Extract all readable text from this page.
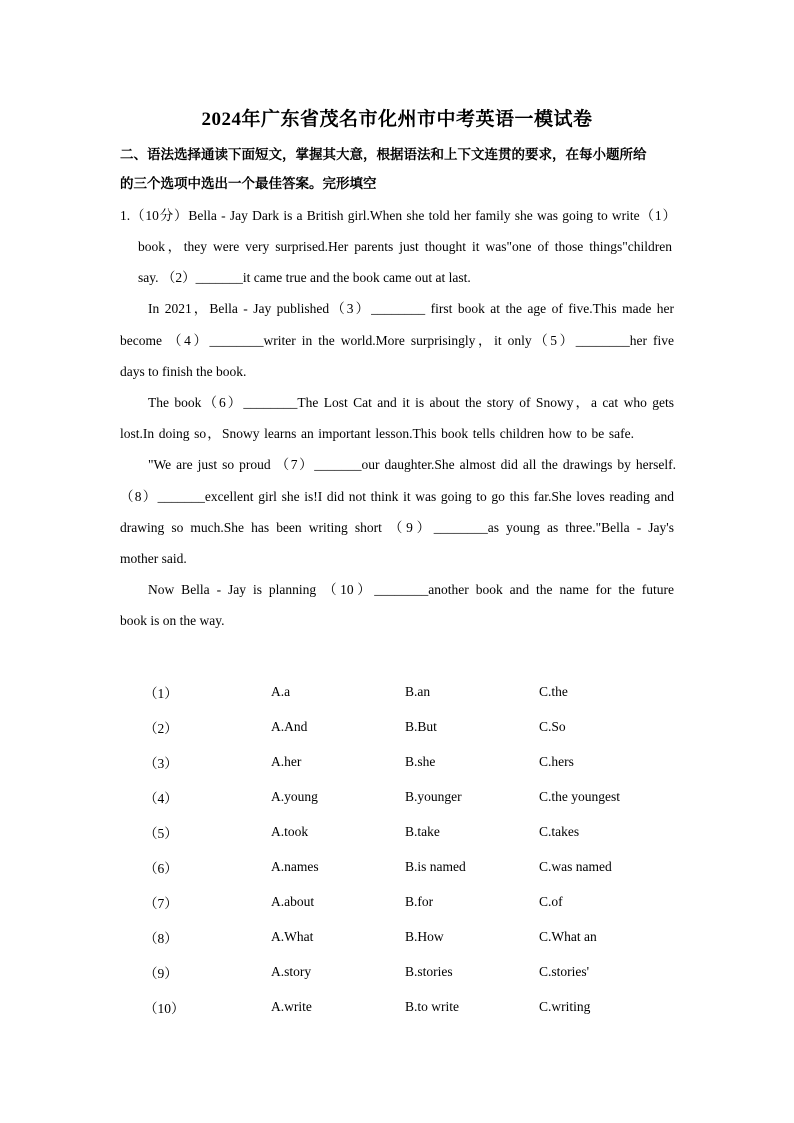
2024年广东省茂名市化州市中考英语一模试卷
二、语法选择通读下面短文，掌握其大意，根据语法和上下文连贯的要求，在每小题所给
的三个选项中选出一个最佳答案。完形填空
1.（10分）Bella ‐ Jay Dark is a British girl.When she told her family she was going to write（1）
book，they were very surprised.Her parents just thought it was"one of those things"children
say. （2）_______it came true and the book came out at last.
In 2021，Bella ‐ Jay published（3）________ first book at the age of five.This made her
become （4）________writer in the world.More surprisingly，it only（5）________her five
days to finish the book.
The book（6）________The Lost Cat and it is about the story of Snowy，a cat who gets
lost.In doing so，Snowy learns an important lesson.This book tells children how to be safe.
"We are just so proud （7）_______our daughter.She almost did all the drawings by herself.
（8）_______excellent girl she is!I did not think it was going to go this far.She loves reading and
drawing so much.She has been writing short （9）________as young as three."Bella ‐ Jay's
mother said.
Now Bella ‐ Jay is planning （10）________another book and the name for the future
book is on the way.
（1）	A.a	B.an	C.the
（2）	A.And	B.But	C.So
（3）	A.her	B.she	C.hers
（4）	A.young	B.younger	C.the youngest
（5）	A.took	B.take	C.takes
（6）	A.names	B.is named	C.was named
（7）	A.about	B.for	C.of
（8）	A.What	B.How	C.What an
（9）	A.story	B.stories	C.stories'
（10）	A.write	B.to write	C.writing
